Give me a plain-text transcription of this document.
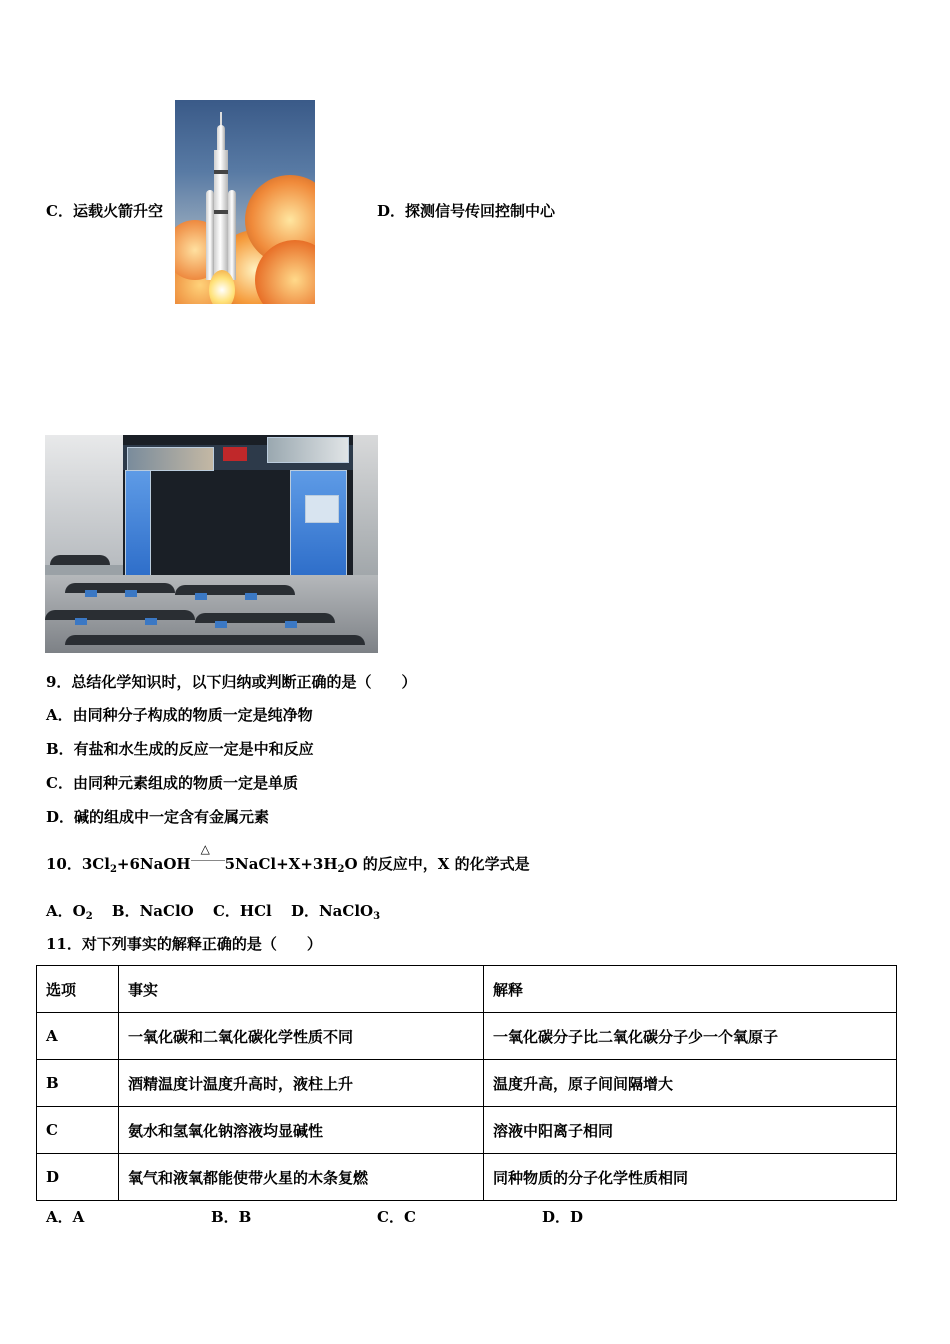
C．运载火箭升空	D．探测信号传回控制中心
9．总结化学知识时，以下归纳或判断正确的是（　　）
A．由同种分子构成的物质一定是纯净物
B．有盐和水生成的反应一定是中和反应
C．由同种元素组成的物质一定是单质
D．碱的组成中一定含有金属元素
10．$3Cl_2+6NaOH$
△
$5NaCl+X+3H_2O$ 的反应中，X 的化学式是
A．$O_2$ B．NaClO C．HCl D．NaClO$_3$
11．对下列事实的解释正确的是（　　）
选项	事实	解释
A	一氧化碳和二氧化碳化学性质不同	一氧化碳分子比二氧化碳分子少一个氧原子
B	酒精温度计温度升高时，液柱上升	温度升高，原子间间隔增大
C	氨水和氢氧化钠溶液均显碱性	溶液中阳离子相同
D	氧气和液氧都能使带火星的木条复燃	同种物质的分子化学性质相同
A．A	B．B	C．C	D．D
